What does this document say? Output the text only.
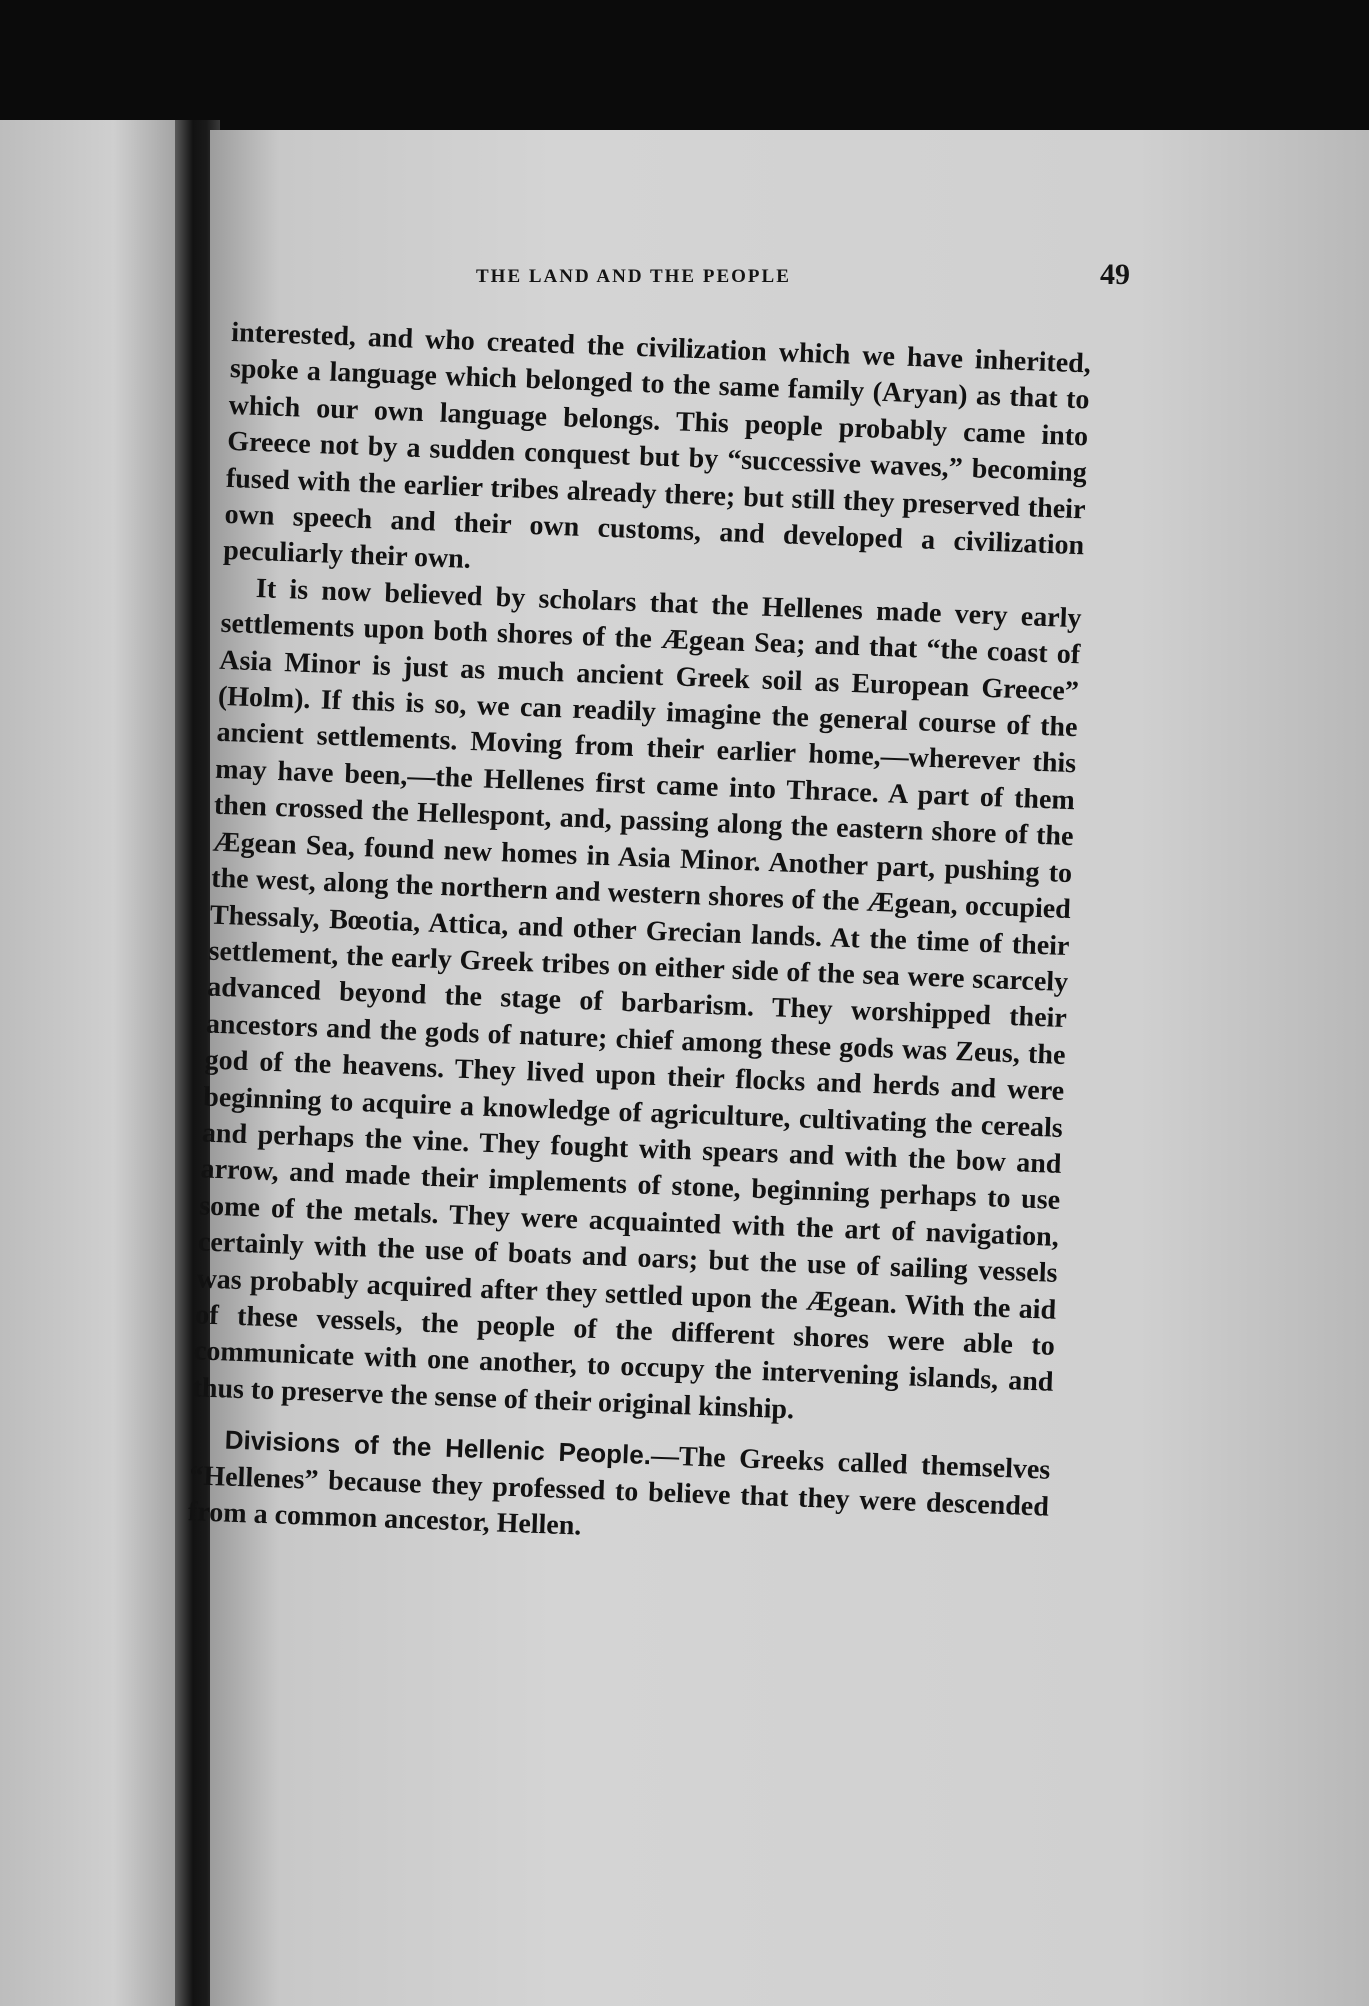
THE LAND AND THE PEOPLE	49

interested, and who created the civilization which we have inherited, spoke a language which belonged to the same family (Aryan) as that to which our own language belongs. This people probably came into Greece not by a sudden conquest but by “successive waves,” becoming fused with the earlier tribes already there; but still they preserved their own speech and their own customs, and developed a civilization peculiarly their own.

It is now believed by scholars that the Hellenes made very early settlements upon both shores of the Ægean Sea; and that “the coast of Asia Minor is just as much ancient Greek soil as European Greece” (Holm). If this is so, we can readily imagine the general course of the ancient settlements. Moving from their earlier home,—wherever this may have been,—the Hellenes first came into Thrace. A part of them then crossed the Hellespont, and, passing along the eastern shore of the Ægean Sea, found new homes in Asia Minor. Another part, pushing to the west, along the northern and western shores of the Ægean, occupied Thessaly, Bœotia, Attica, and other Grecian lands. At the time of their settlement, the early Greek tribes on either side of the sea were scarcely advanced beyond the stage of barbarism. They worshipped their ancestors and the gods of nature; chief among these gods was Zeus, the god of the heavens. They lived upon their flocks and herds and were beginning to acquire a knowledge of agriculture, cultivating the cereals and perhaps the vine. They fought with spears and with the bow and arrow, and made their implements of stone, beginning perhaps to use some of the metals. They were acquainted with the art of navigation, certainly with the use of boats and oars; but the use of sailing vessels was probably acquired after they settled upon the Ægean. With the aid of these vessels, the people of the different shores were able to communicate with one another, to occupy the intervening islands, and thus to preserve the sense of their original kinship.

Divisions of the Hellenic People.—The Greeks called themselves “Hellenes” because they professed to believe that they were descended from a common ancestor, Hellen.
